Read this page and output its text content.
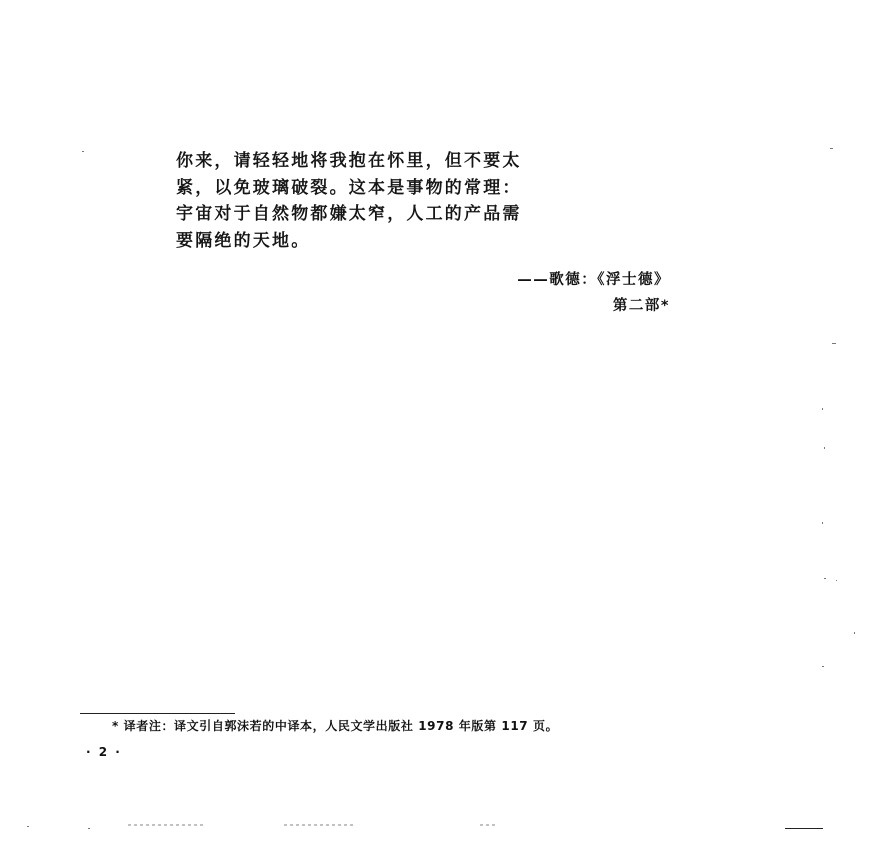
你来，请轻轻地将我抱在怀里，但不要太
紧，以免玻璃破裂。这本是事物的常理：
宇宙对于自然物都嫌太窄，人工的产品需
要隔绝的天地。
——歌德：《浮士德》
第二部*
* 译者注：译文引自郭沫若的中译本，人民文学出版社 1978 年版第 117 页。
· 2 ·
